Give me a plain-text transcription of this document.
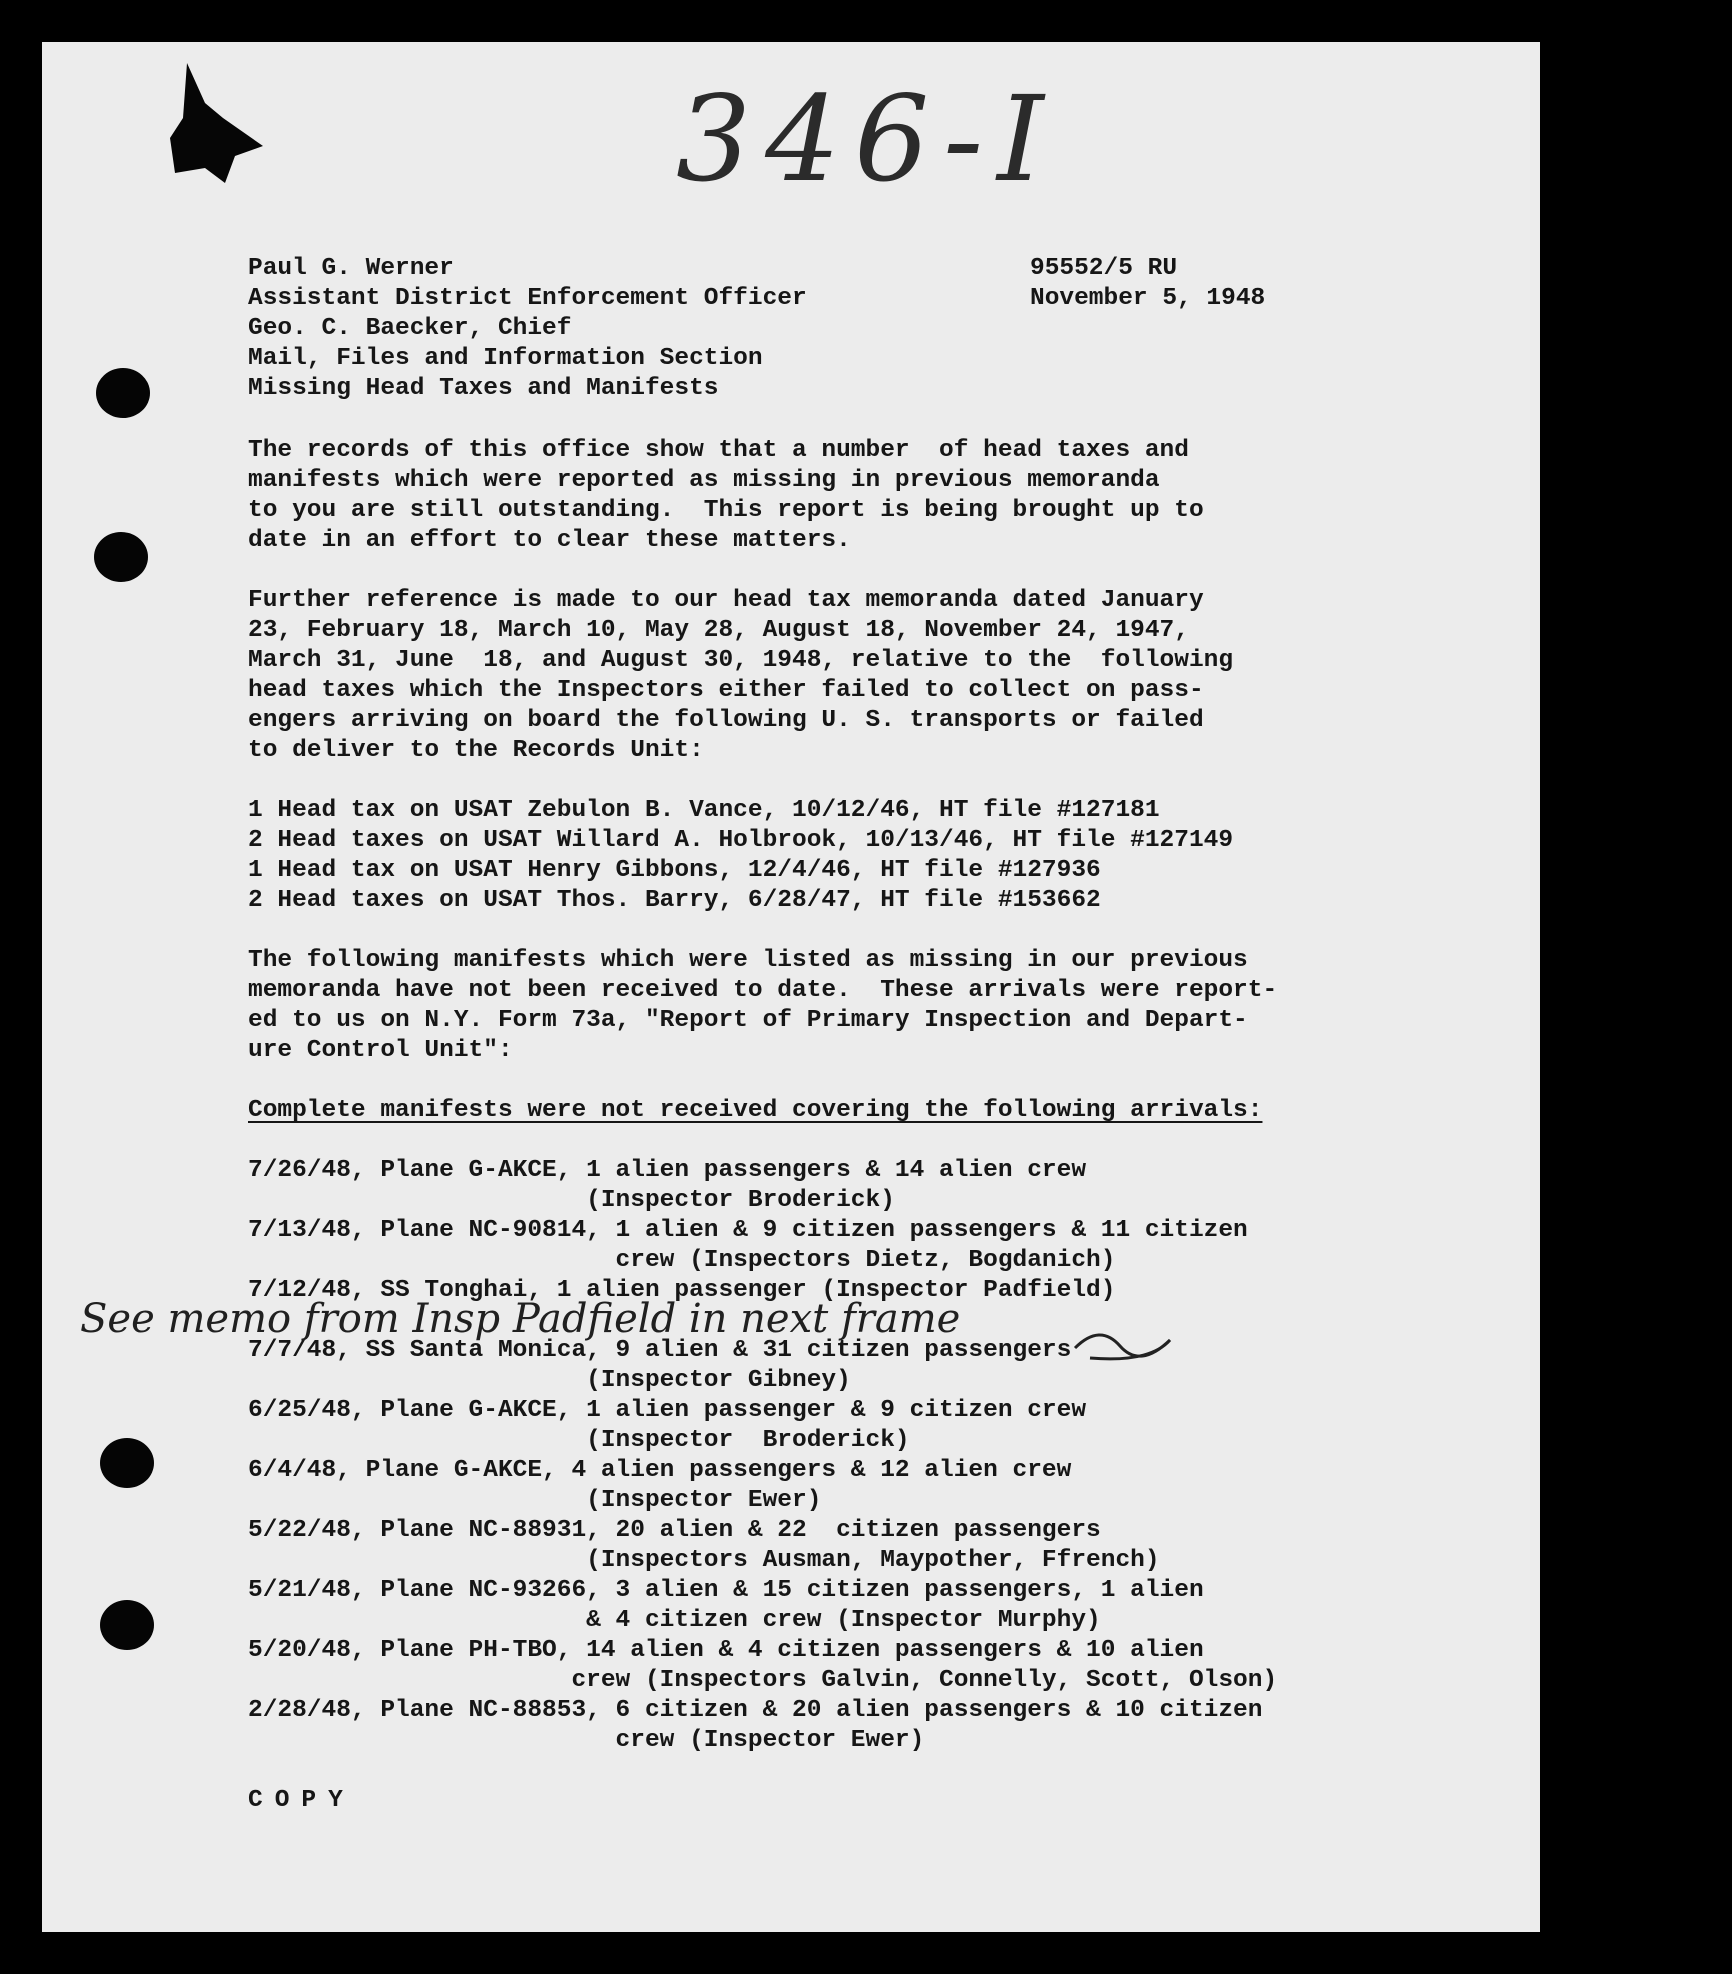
346-I
Paul G. Werner
Assistant District Enforcement Officer
Geo. C. Baecker, Chief
Mail, Files and Information Section
Missing Head Taxes and Manifests
95552/5 RU
November 5, 1948
The records of this office show that a number  of head taxes and
manifests which were reported as missing in previous memoranda
to you are still outstanding.  This report is being brought up to
date in an effort to clear these matters.
Further reference is made to our head tax memoranda dated January
23, February 18, March 10, May 28, August 18, November 24, 1947,
March 31, June  18, and August 30, 1948, relative to the  following
head taxes which the Inspectors either failed to collect on pass-
engers arriving on board the following U. S. transports or failed
to deliver to the Records Unit:
1 Head tax on USAT Zebulon B. Vance, 10/12/46, HT file #127181
2 Head taxes on USAT Willard A. Holbrook, 10/13/46, HT file #127149
1 Head tax on USAT Henry Gibbons, 12/4/46, HT file #127936
2 Head taxes on USAT Thos. Barry, 6/28/47, HT file #153662
The following manifests which were listed as missing in our previous
memoranda have not been received to date.  These arrivals were report-
ed to us on N.Y. Form 73a, "Report of Primary Inspection and Depart-
ure Control Unit":
Complete manifests were not received covering the following arrivals:
7/26/48, Plane G-AKCE, 1 alien passengers & 14 alien crew
(Inspector Broderick)
7/13/48, Plane NC-90814, 1 alien & 9 citizen passengers & 11 citizen
crew (Inspectors Dietz, Bogdanich)
7/12/48, SS Tonghai, 1 alien passenger (Inspector Padfield)
7/7/48, SS Santa Monica, 9 alien & 31 citizen passengers
(Inspector Gibney)
6/25/48, Plane G-AKCE, 1 alien passenger & 9 citizen crew
(Inspector  Broderick)
6/4/48, Plane G-AKCE, 4 alien passengers & 12 alien crew
(Inspector Ewer)
5/22/48, Plane NC-88931, 20 alien & 22  citizen passengers
(Inspectors Ausman, Maypother, Ffrench)
5/21/48, Plane NC-93266, 3 alien & 15 citizen passengers, 1 alien
& 4 citizen crew (Inspector Murphy)
5/20/48, Plane PH-TBO, 14 alien & 4 citizen passengers & 10 alien
crew (Inspectors Galvin, Connelly, Scott, Olson)
2/28/48, Plane NC-88853, 6 citizen & 20 alien passengers & 10 citizen
crew (Inspector Ewer)
See memo from Insp Padfield in next frame
COPY
